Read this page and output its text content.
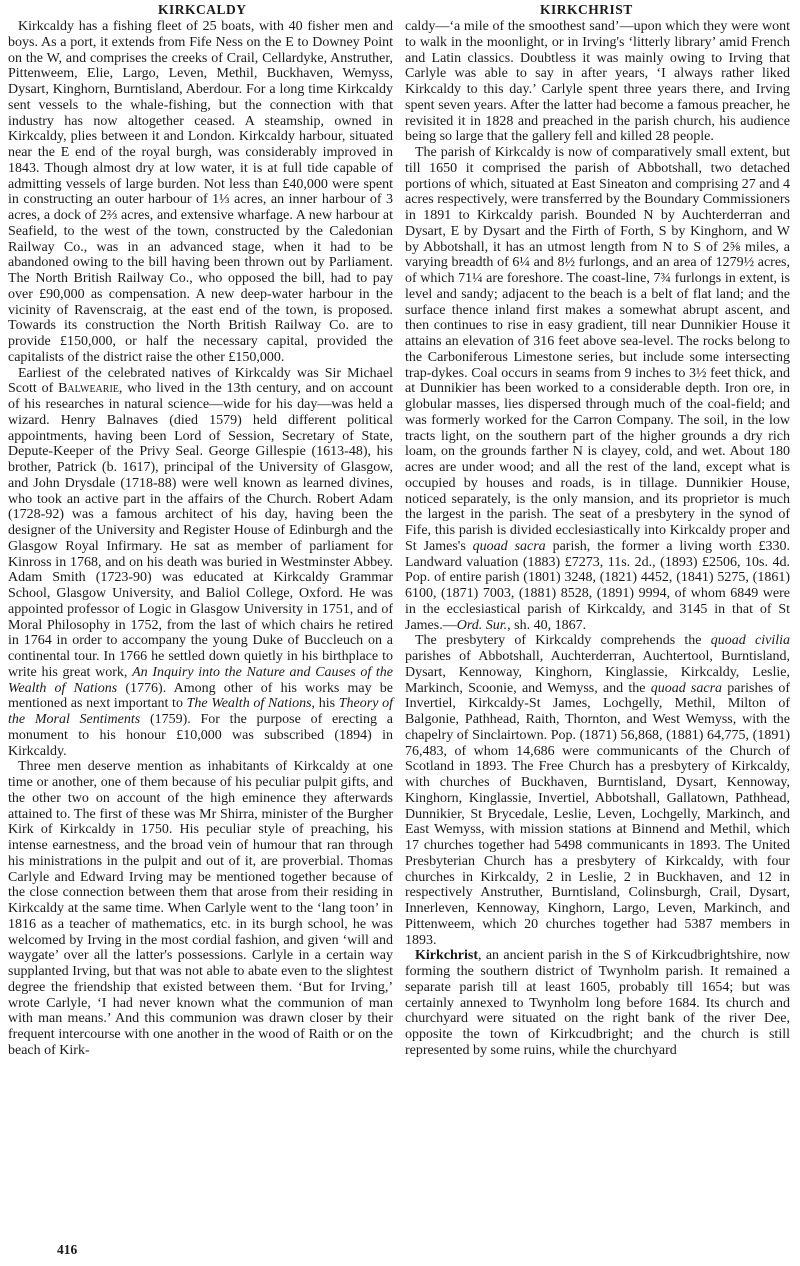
KIRKCALDY	KIRKCHRIST

Kirkcaldy has a fishing fleet of 25 boats, with 40 fisher men and boys. As a port, it extends from Fife Ness on the E to Downey Point on the W, and comprises the creeks of Crail, Cellardyke, Anstruther, Pittenweem, Elie, Largo, Leven, Methil, Buckhaven, Wemyss, Dysart, Kinghorn, Burntisland, Aberdour. For a long time Kirkcaldy sent vessels to the whale-fishing, but the connection with that industry has now altogether ceased. A steamship, owned in Kirkcaldy, plies between it and London. Kirkcaldy harbour, situated near the E end of the royal burgh, was considerably improved in 1843. Though almost dry at low water, it is at full tide capable of admitting vessels of large burden. Not less than £40,000 were spent in constructing an outer harbour of 1⅓ acres, an inner harbour of 3 acres, a dock of 2⅔ acres, and extensive wharfage. A new harbour at Seafield, to the west of the town, constructed by the Caledonian Railway Co., was in an advanced stage, when it had to be abandoned owing to the bill having been thrown out by Parliament. The North British Railway Co., who opposed the bill, had to pay over £90,000 as compensation. A new deep-water harbour in the vicinity of Ravenscraig, at the east end of the town, is proposed. Towards its construction the North British Railway Co. are to provide £150,000, or half the necessary capital, provided the capitalists of the district raise the other £150,000.

Earliest of the celebrated natives of Kirkcaldy was Sir Michael Scott of Balwearie, who lived in the 13th century, and on account of his researches in natural science—wide for his day—was held a wizard. Henry Balnaves (died 1579) held different political appointments, having been Lord of Session, Secretary of State, Depute-Keeper of the Privy Seal. George Gillespie (1613-48), his brother, Patrick (b. 1617), principal of the University of Glasgow, and John Drysdale (1718-88) were well known as learned divines, who took an active part in the affairs of the Church. Robert Adam (1728-92) was a famous architect of his day, having been the designer of the University and Register House of Edinburgh and the Glasgow Royal Infirmary. He sat as member of parliament for Kinross in 1768, and on his death was buried in Westminster Abbey. Adam Smith (1723-90) was educated at Kirkcaldy Grammar School, Glasgow University, and Baliol College, Oxford. He was appointed professor of Logic in Glasgow University in 1751, and of Moral Philosophy in 1752, from the last of which chairs he retired in 1764 in order to accompany the young Duke of Buccleuch on a continental tour. In 1766 he settled down quietly in his birthplace to write his great work, An Inquiry into the Nature and Causes of the Wealth of Nations (1776). Among other of his works may be mentioned as next important to The Wealth of Nations, his Theory of the Moral Sentiments (1759). For the purpose of erecting a monument to his honour £10,000 was subscribed (1894) in Kirkcaldy.

Three men deserve mention as inhabitants of Kirkcaldy at one time or another, one of them because of his peculiar pulpit gifts, and the other two on account of the high eminence they afterwards attained to. The first of these was Mr Shirra, minister of the Burgher Kirk of Kirkcaldy in 1750. His peculiar style of preaching, his intense earnestness, and the broad vein of humour that ran through his ministrations in the pulpit and out of it, are proverbial. Thomas Carlyle and Edward Irving may be mentioned together because of the close connection between them that arose from their residing in Kirkcaldy at the same time. When Carlyle went to the ‘lang toon’ in 1816 as a teacher of mathematics, etc. in its burgh school, he was welcomed by Irving in the most cordial fashion, and given ‘will and waygate’ over all the latter's possessions. Carlyle in a certain way supplanted Irving, but that was not able to abate even to the slightest degree the friendship that existed between them. ‘But for Irving,’ wrote Carlyle, ‘I had never known what the communion of man with man means.’ And this communion was drawn closer by their frequent intercourse with one another in the wood of Raith or on the beach of Kirk-

caldy—‘a mile of the smoothest sand’—upon which they were wont to walk in the moonlight, or in Irving's ‘litterly library’ amid French and Latin classics. Doubtless it was mainly owing to Irving that Carlyle was able to say in after years, ‘I always rather liked Kirkcaldy to this day.’ Carlyle spent three years there, and Irving spent seven years. After the latter had become a famous preacher, he revisited it in 1828 and preached in the parish church, his audience being so large that the gallery fell and killed 28 people.

The parish of Kirkcaldy is now of comparatively small extent, but till 1650 it comprised the parish of Abbotshall, two detached portions of which, situated at East Sineaton and comprising 27 and 4 acres respectively, were transferred by the Boundary Commissioners in 1891 to Kirkcaldy parish. Bounded N by Auchterderran and Dysart, E by Dysart and the Firth of Forth, S by Kinghorn, and W by Abbotshall, it has an utmost length from N to S of 2⅝ miles, a varying breadth of 6¼ and 8½ furlongs, and an area of 1279½ acres, of which 71¼ are foreshore. The coast-line, 7¾ furlongs in extent, is level and sandy; adjacent to the beach is a belt of flat land; and the surface thence inland first makes a somewhat abrupt ascent, and then continues to rise in easy gradient, till near Dunnikier House it attains an elevation of 316 feet above sea-level. The rocks belong to the Carboniferous Limestone series, but include some intersecting trap-dykes. Coal occurs in seams from 9 inches to 3½ feet thick, and at Dunnikier has been worked to a considerable depth. Iron ore, in globular masses, lies dispersed through much of the coal-field; and was formerly worked for the Carron Company. The soil, in the low tracts light, on the southern part of the higher grounds a dry rich loam, on the grounds farther N is clayey, cold, and wet. About 180 acres are under wood; and all the rest of the land, except what is occupied by houses and roads, is in tillage. Dunnikier House, noticed separately, is the only mansion, and its proprietor is much the largest in the parish. The seat of a presbytery in the synod of Fife, this parish is divided ecclesiastically into Kirkcaldy proper and St James's quoad sacra parish, the former a living worth £330. Landward valuation (1883) £7273, 11s. 2d., (1893) £2506, 10s. 4d. Pop. of entire parish (1801) 3248, (1821) 4452, (1841) 5275, (1861) 6100, (1871) 7003, (1881) 8528, (1891) 9994, of whom 6849 were in the ecclesiastical parish of Kirkcaldy, and 3145 in that of St James.—Ord. Sur., sh. 40, 1867.

The presbytery of Kirkcaldy comprehends the quoad civilia parishes of Abbotshall, Auchterderran, Auchtertool, Burntisland, Dysart, Kennoway, Kinghorn, Kinglassie, Kirkcaldy, Leslie, Markinch, Scoonie, and Wemyss, and the quoad sacra parishes of Invertiel, Kirkcaldy-St James, Lochgelly, Methil, Milton of Balgonie, Pathhead, Raith, Thornton, and West Wemyss, with the chapelry of Sinclairtown. Pop. (1871) 56,868, (1881) 64,775, (1891) 76,483, of whom 14,686 were communicants of the Church of Scotland in 1893. The Free Church has a presbytery of Kirkcaldy, with churches of Buckhaven, Burntisland, Dysart, Kennoway, Kinghorn, Kinglassie, Invertiel, Abbotshall, Gallatown, Pathhead, Dunnikier, St Brycedale, Leslie, Leven, Lochgelly, Markinch, and East Wemyss, with mission stations at Binnend and Methil, which 17 churches together had 5498 communicants in 1893. The United Presbyterian Church has a presbytery of Kirkcaldy, with four churches in Kirkcaldy, 2 in Leslie, 2 in Buckhaven, and 12 in respectively Anstruther, Burntisland, Colinsburgh, Crail, Dysart, Innerleven, Kennoway, Kinghorn, Largo, Leven, Markinch, and Pittenweem, which 20 churches together had 5387 members in 1893.

Kirkchrist, an ancient parish in the S of Kirkcudbrightshire, now forming the southern district of Twynholm parish. It remained a separate parish till at least 1605, probably till 1654; but was certainly annexed to Twynholm long before 1684. Its church and churchyard were situated on the right bank of the river Dee, opposite the town of Kirkcudbright; and the church is still represented by some ruins, while the churchyard

416
